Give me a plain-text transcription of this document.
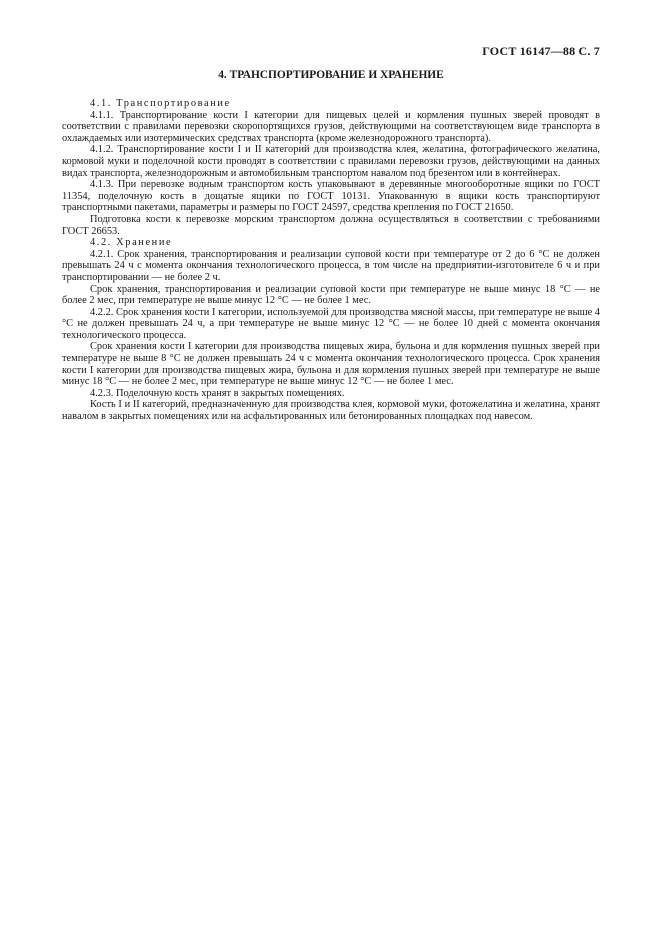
ГОСТ 16147—88 С. 7
4. ТРАНСПОРТИРОВАНИЕ И ХРАНЕНИЕ

4.1. Транспортирование

4.1.1. Транспортирование кости I категории для пищевых целей и кормления пушных зверей проводят в соответствии с правилами перевозки скоропортящихся грузов, действующими на соответствующем виде транспорта в охлаждаемых или изотермических средствах транспорта (кроме железнодорожного транспорта).

4.1.2. Транспортирование кости I и II категорий для производства клея, желатина, фотографического желатина, кормовой муки и поделочной кости проводят в соответствии с правилами перевозки грузов, действующими на данных видах транспорта, железнодорожным и автомобильным транспортом навалом под брезентом или в контейнерах.

4.1.3. При перевозке водным транспортом кость упаковывают в деревянные многооборотные ящики по ГОСТ 11354, поделочную кость в дощатые ящики по ГОСТ 10131. Упакованную в ящики кость транспортируют транспортными пакетами, параметры и размеры по ГОСТ 24597, средства крепления по ГОСТ 21650.

Подготовка кости к перевозке морским транспортом должна осуществляться в соответствии с требованиями ГОСТ 26653.

4.2. Хранение

4.2.1. Срок хранения, транспортирования и реализации суповой кости при температуре от 2 до 6 °С не должен превышать 24 ч с момента окончания технологического процесса, в том числе на предприятии-изготовителе 6 ч и при транспортировании — не более 2 ч.

Срок хранения, транспортирования и реализации суповой кости при температуре не выше минус 18 °С — не более 2 мес, при температуре не выше минус 12 °С — не более 1 мес.

4.2.2. Срок хранения кости I категории, используемой для производства мясной массы, при температуре не выше 4 °С не должен превышать 24 ч, а при температуре не выше минус 12 °С — не более 10 дней с момента окончания технологического процесса.

Срок хранения кости I категории для производства пищевых жира, бульона и для кормления пушных зверей при температуре не выше 8 °С не должен превышать 24 ч с момента окончания технологического процесса. Срок хранения кости I категории для производства пищевых жира, бульона и для кормления пушных зверей при температуре не выше минус 18 °С — не более 2 мес, при температуре не выше минус 12 °С — не более 1 мес.

4.2.3. Поделочную кость хранят в закрытых помещениях.

Кость I и II категорий, предназначенную для производства клея, кормовой муки, фотожелатина и желатина, хранят навалом в закрытых помещениях или на асфальтированных или бетонированных площадках под навесом.
